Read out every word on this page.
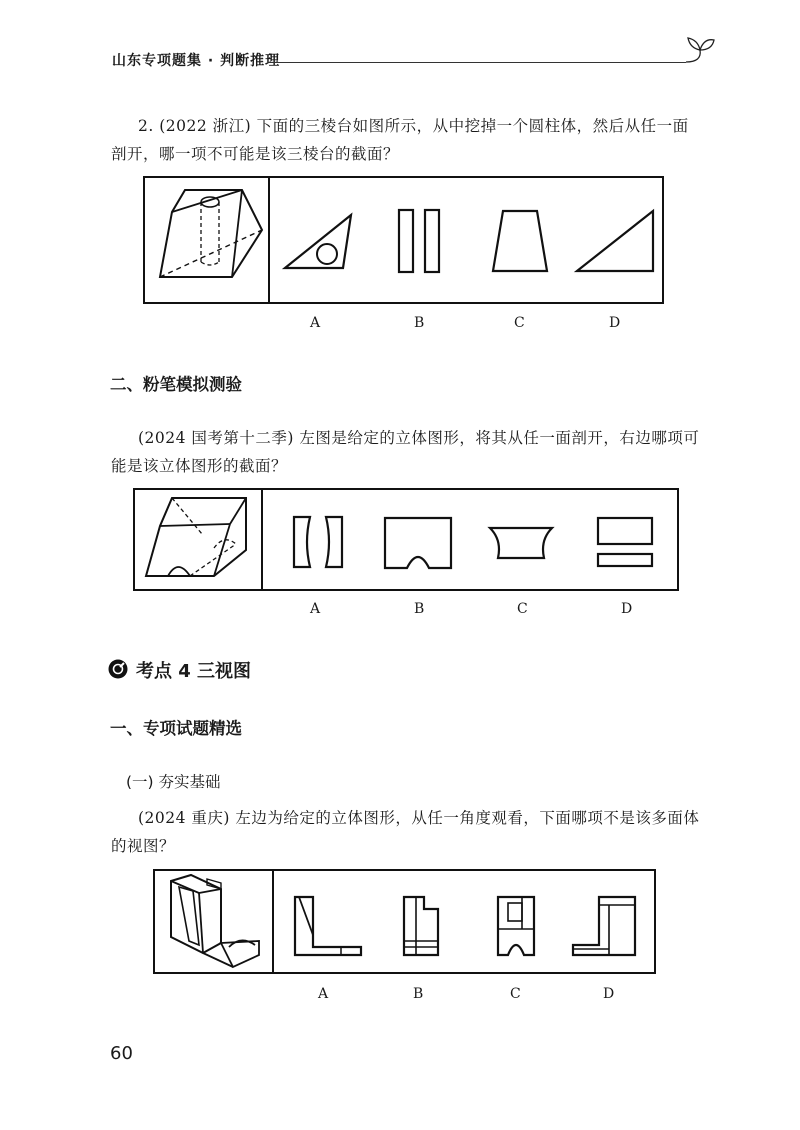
山东专项题集 · 判断推理
2. (2022 浙江) 下面的三棱台如图所示，从中挖掉一个圆柱体，然后从任一面
剖开，哪一项不可能是该三棱台的截面？
A	B	C	D
二、粉笔模拟测验
(2024 国考第十二季) 左图是给定的立体图形，将其从任一面剖开，右边哪项可
能是该立体图形的截面？
A	B	C	D
考点 4 三视图
一、专项试题精选
(一) 夯实基础
(2024 重庆) 左边为给定的立体图形，从任一角度观看，下面哪项不是该多面体
的视图？
A	B	C	D
60
